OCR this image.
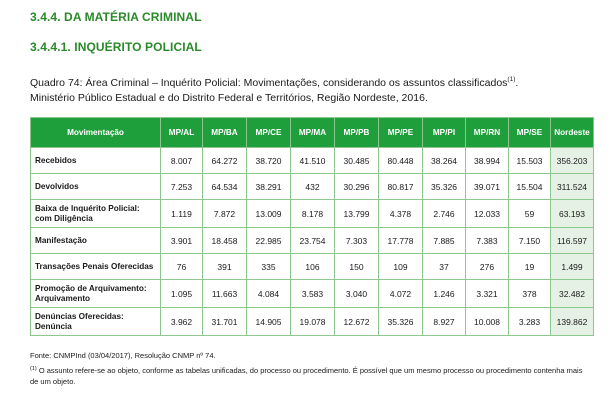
3.4.4. DA MATÉRIA CRIMINAL
3.4.4.1. INQUÉRITO POLICIAL
Quadro 74: Área Criminal – Inquérito Policial: Movimentações, considerando os assuntos classificados$^{(1)}$.
Ministério Público Estadual e do Distrito Federal e Territórios, Região Nordeste, 2016.
Movimentação	MP/AL	MP/BA	MP/CE	MP/MA	MP/PB	MP/PE	MP/PI	MP/RN	MP/SE	Nordeste
Recebidos	8.007	64.272	38.720	41.510	30.485	80.448	38.264	38.994	15.503	356.203
Devolvidos	7.253	64.534	38.291	432	30.296	80.817	35.326	39.071	15.504	311.524
Baixa de Inquérito Policial:
com Diligência	1.119	7.872	13.009	8.178	13.799	4.378	2.746	12.033	59	63.193
Manifestação	3.901	18.458	22.985	23.754	7.303	17.778	7.885	7.383	7.150	116.597
Transações Penais Oferecidas	76	391	335	106	150	109	37	276	19	1.499
Promoção de Arquivamento:
Arquivamento	1.095	11.663	4.084	3.583	3.040	4.072	1.246	3.321	378	32.482
Denúncias Oferecidas:
Denúncia	3.962	31.701	14.905	19.078	12.672	35.326	8.927	10.008	3.283	139.862
Fonte: CNMPInd (03/04/2017), Resolução CNMP nº 74.
$^{(1)}$ O assunto refere-se ao objeto, conforme as tabelas unificadas, do processo ou procedimento. É possível que um mesmo processo ou procedimento contenha mais de um objeto.
